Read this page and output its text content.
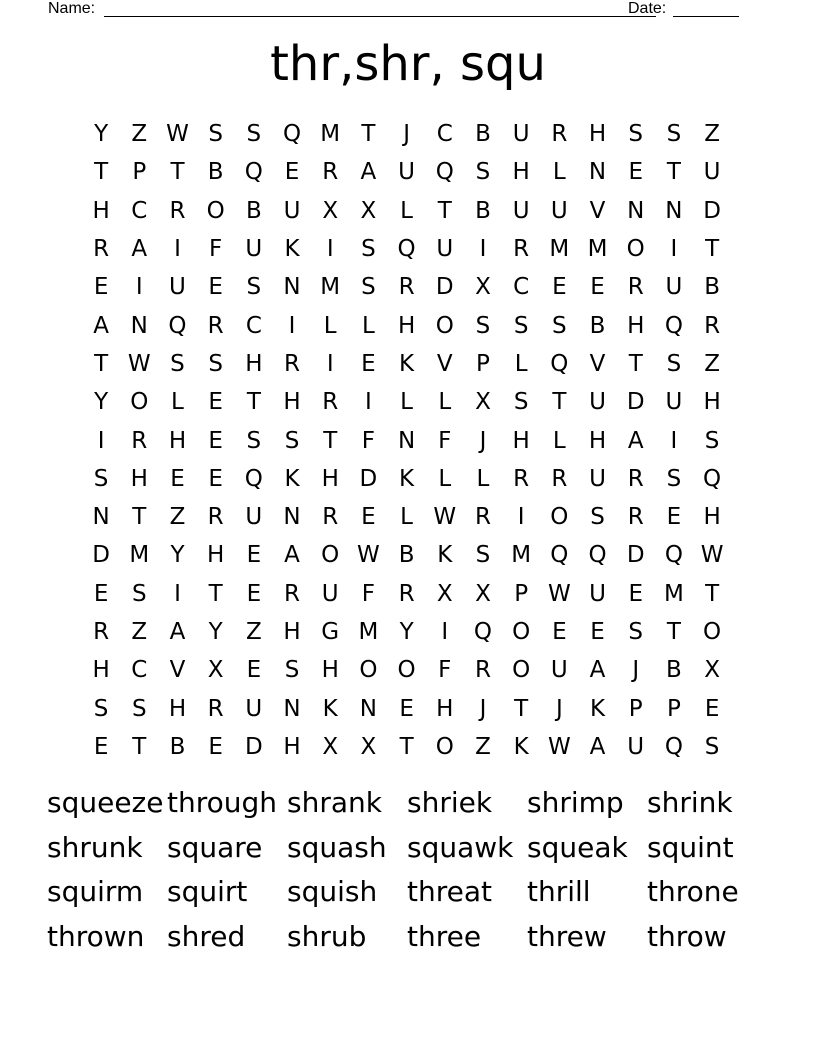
Name:	Date:
thr,shr, squ
Y	Z W S	S Q M T	J	C B U R H S	S	Z
T	P	T	B Q E R A U Q S H	L	N E	T U
H C R O B U X X	L	T	B U U V N N D
R A	I	F	U K	I	S Q U	I	R M M O	I	T
E	I	U E	S N M S R D X C E	E R U B
A N Q R C	I	L	L	H O S	S	S	B H Q R
T W S	S H R	I	E	K V	P	L Q V	T	S	Z
Y O L	E	T H R	I	L	L	X	S	T U D U H
I	R H E	S	S	T	F N F	J	H	L	H A	I	S
S H E	E Q K H D K	L	L	R R U R S Q
N T	Z R U N R E	L W R	I	O S R E H
D M Y H E	A O W B K	S M Q Q D Q W
E	S	I	T	E R U	F	R X X	P W U E M T
R Z A	Y	Z H G M Y	I	Q O E	E	S	T O
H C V X	E	S H O O F	R O U A	J	B X
S	S H R U N K N E H	J	T	J	K	P	P	E
E	T	B	E D H X X	T O Z K W A U Q S
squeeze through shrank shriek	shrimp shrink
shrunk square squash squawk squeak squint
squirm squirt	squish	threat	thrill	throne
thrown shred	shrub	three	threw	throw
